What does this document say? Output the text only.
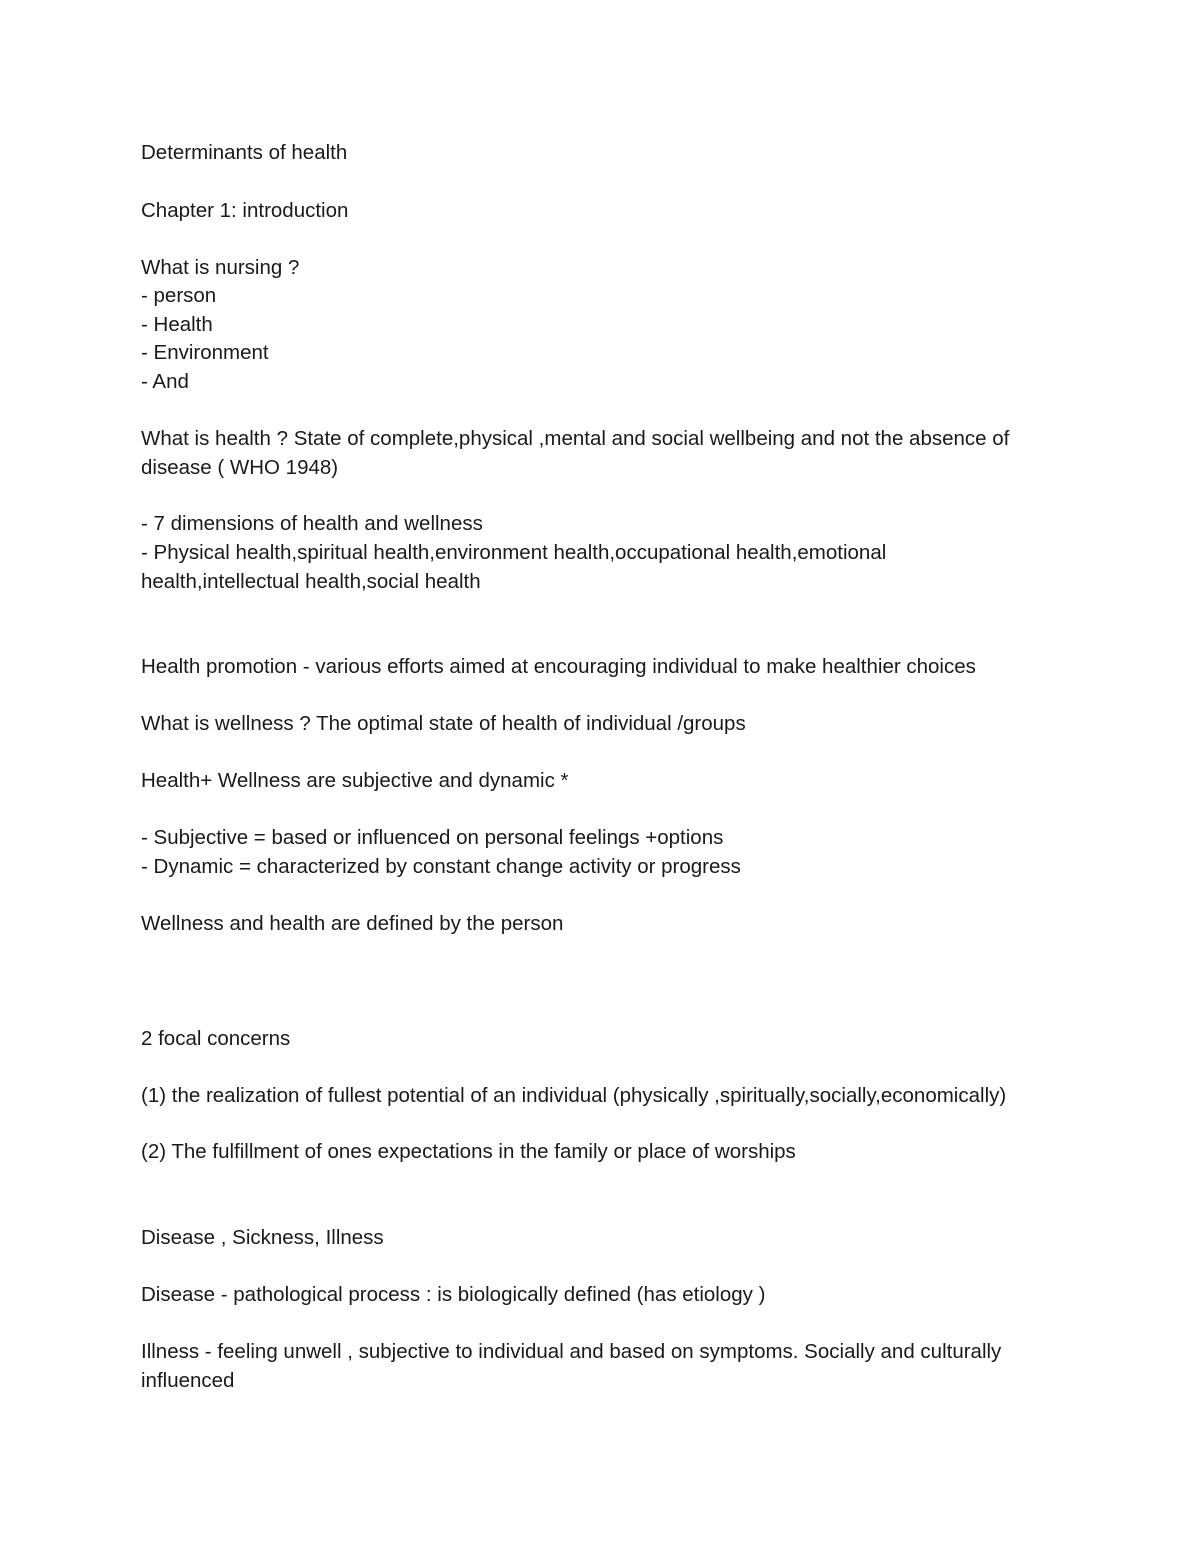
Determinants of health
Chapter 1: introduction
What is nursing ?
- person
- Health
- Environment
- And
What is health ? State of complete,physical ,mental and social wellbeing and not the absence of disease ( WHO 1948)
- 7 dimensions of health and wellness
- Physical health,spiritual health,environment health,occupational health,emotional health,intellectual health,social health
Health promotion - various efforts aimed at encouraging individual to make healthier choices
What is wellness ? The optimal state of health of individual /groups
Health+ Wellness are subjective and dynamic *
- Subjective = based or influenced on personal feelings +options
- Dynamic = characterized by constant change activity or progress
Wellness and health are defined by the person
2 focal concerns
(1) the realization of fullest potential of an individual (physically ,spiritually,socially,economically)
(2) The fulfillment of ones expectations in the family or place of worships
Disease , Sickness, Illness
Disease - pathological process : is biologically defined (has etiology )
Illness - feeling unwell , subjective to individual and based on symptoms. Socially and culturally influenced
